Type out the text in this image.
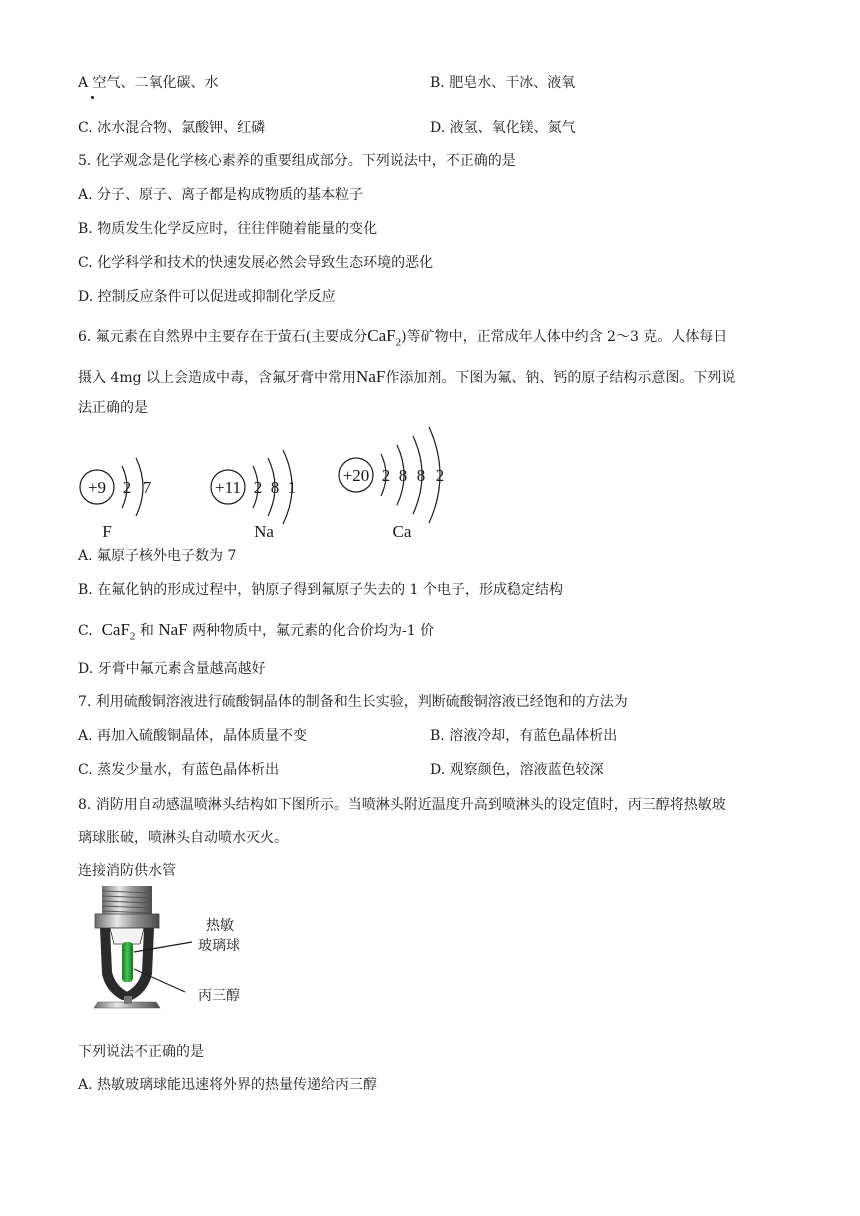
A 空气、二氧化碳、水	B. 肥皂水、干冰、液氧
C. 冰水混合物、氯酸钾、红磷	D. 液氢、氧化镁、氮气
5. 化学观念是化学核心素养的重要组成部分。下列说法中，不正确的是
A. 分子、原子、离子都是构成物质的基本粒子
B. 物质发生化学反应时，往往伴随着能量的变化
C. 化学科学和技术的快速发展必然会导致生态环境的恶化
D. 控制反应条件可以促进或抑制化学反应
6. 氟元素在自然界中主要存在于萤石(主要成分CaF$_2$)等矿物中，正常成年人体中约含 2～3 克。人体每日
摄入 4mg 以上会造成中毒，含氟牙膏中常用NaF作添加剂。下图为氟、钠、钙的原子结构示意图。下列说
法正确的是
+9 2 7
F
+11 2 8 1
Na
+20 2 8 8 2
Ca
A. 氟原子核外电子数为 7
B. 在氟化钠的形成过程中，钠原子得到氟原子失去的 1 个电子，形成稳定结构
C. CaF$_2$ 和 NaF 两种物质中，氟元素的化合价均为-1 价
D. 牙膏中氟元素含量越高越好
7. 利用硫酸铜溶液进行硫酸铜晶体的制备和生长实验，判断硫酸铜溶液已经饱和的方法为
A. 再加入硫酸铜晶体，晶体质量不变	B. 溶液冷却，有蓝色晶体析出
C. 蒸发少量水，有蓝色晶体析出	D. 观察颜色，溶液蓝色较深
8. 消防用自动感温喷淋头结构如下图所示。当喷淋头附近温度升高到喷淋头的设定值时，丙三醇将热敏玻
璃球胀破，喷淋头自动喷水灭火。
连接消防供水管
热敏
玻璃球
丙三醇
下列说法不正确的是
A. 热敏玻璃球能迅速将外界的热量传递给丙三醇
